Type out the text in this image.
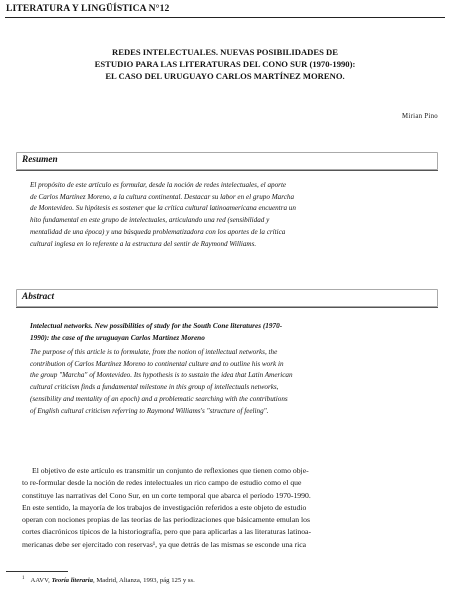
LITERATURA Y LINGÜÍSTICA N°12
REDES INTELECTUALES. NUEVAS POSIBILIDADES DE
ESTUDIO PARA LAS LITERATURAS DEL CONO SUR (1970-1990):
EL CASO DEL URUGUAYO CARLOS MARTÍNEZ MORENO.
Mirian Pino
Resumen
El propósito de este artículo es formular, desde la noción de redes intelectuales, el aporte
de Carlos Martínez Moreno, a la cultura continental. Destacar su labor en el grupo Marcha
de Montevideo. Su hipótesis es sostener que la crítica cultural latinoamericana encuentra un
hito fundamental en este grupo de intelectuales, articulando una red (sensibilidad y
mentalidad de una época) y una búsqueda problematizadora con los aportes de la crítica
cultural inglesa en lo referente a la estructura del sentir de Raymond Williams.
Abstract
Intelectual networks. New possibilities of study for the South Cone literatures (1970-
1990): the case of the uruguayan Carlos Martínez Moreno
The purpose of this article is to formulate, from the notion of intellectual networks, the
contribution of Carlos Martínez Moreno to continental culture and to outline his work in
the group "Marcha" of Montevideo. Its hypothesis is to sustain the idea that Latin American
cultural criticism finds a fundamental milestone in this group of intellectuals networks,
(sensibility and mentality of an epoch) and a problematic searching with the contributions
of English cultural criticism referring to Raymond Williams's "structure of feeling".
El objetivo de este artículo es transmitir un conjunto de reflexiones que tienen como obje-
to re-formular desde la noción de redes intelectuales un rico campo de estudio como el que
constituye las narrativas del Cono Sur, en un corte temporal que abarca el período 1970-1990.
En este sentido, la mayoría de los trabajos de investigación referidos a este objeto de estudio
operan con nociones propias de las teorías de las periodizaciones que básicamente emulan los
cortes diacrónicos típicos de la historiografía, pero que para aplicarlas a las literaturas latinoa-
mericanas debe ser ejercitado con reservas¹, ya que detrás de las mismas se esconde una rica
$^1$ AAVV, Teoría literaria, Madrid, Alianza, 1993, pág 125 y ss.
